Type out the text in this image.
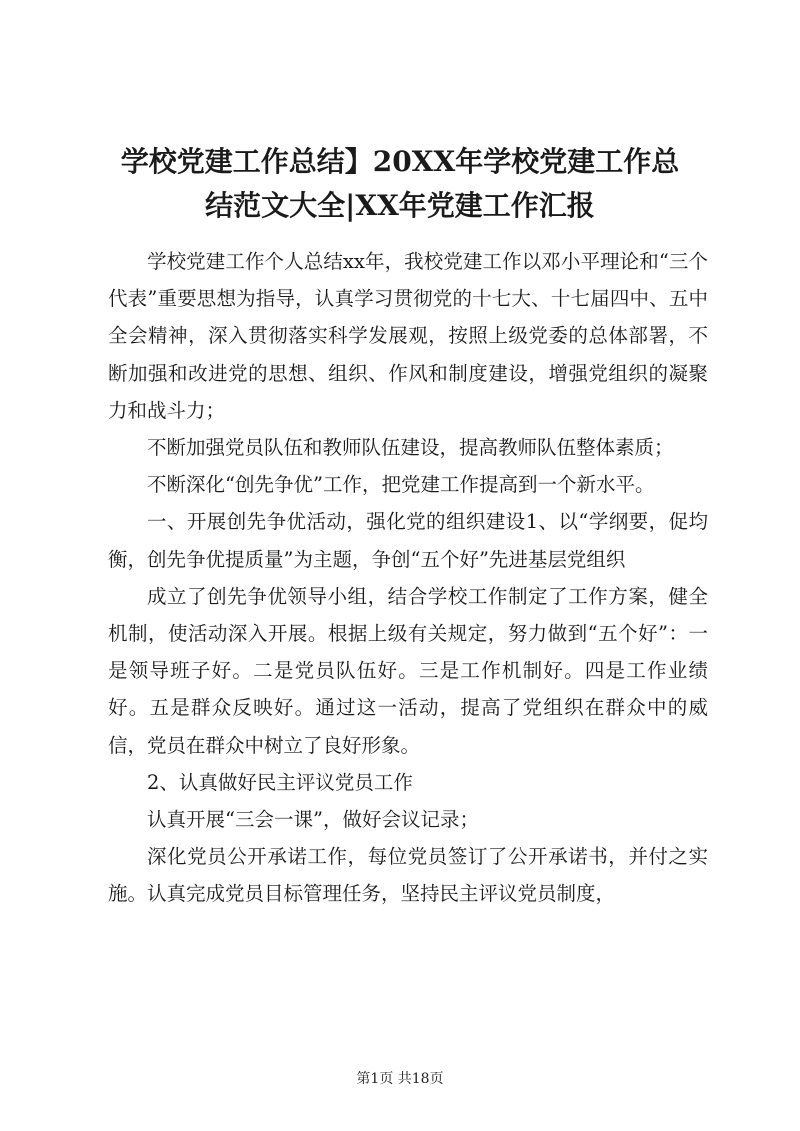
学校党建工作总结】20XX年学校党建工作总
结范文大全|XX年党建工作汇报

学校党建工作个人总结xx年，我校党建工作以邓小平理论和“三个代表”重要思想为指导，认真学习贯彻党的十七大、十七届四中、五中全会精神，深入贯彻落实科学发展观，按照上级党委的总体部署，不断加强和改进党的思想、组织、作风和制度建设，增强党组织的凝聚力和战斗力；

不断加强党员队伍和教师队伍建设，提高教师队伍整体素质；

不断深化“创先争优”工作，把党建工作提高到一个新水平。

一、开展创先争优活动，强化党的组织建设1、以“学纲要，促均衡，创先争优提质量”为主题，争创“五个好”先进基层党组织

成立了创先争优领导小组，结合学校工作制定了工作方案，健全机制，使活动深入开展。根据上级有关规定，努力做到“五个好”：一是领导班子好。二是党员队伍好。三是工作机制好。四是工作业绩好。五是群众反映好。通过这一活动，提高了党组织在群众中的威信，党员在群众中树立了良好形象。

2、认真做好民主评议党员工作

认真开展“三会一课”，做好会议记录；

深化党员公开承诺工作，每位党员签订了公开承诺书，并付之实施。认真完成党员目标管理任务，坚持民主评议党员制度，

第1页 共18页
